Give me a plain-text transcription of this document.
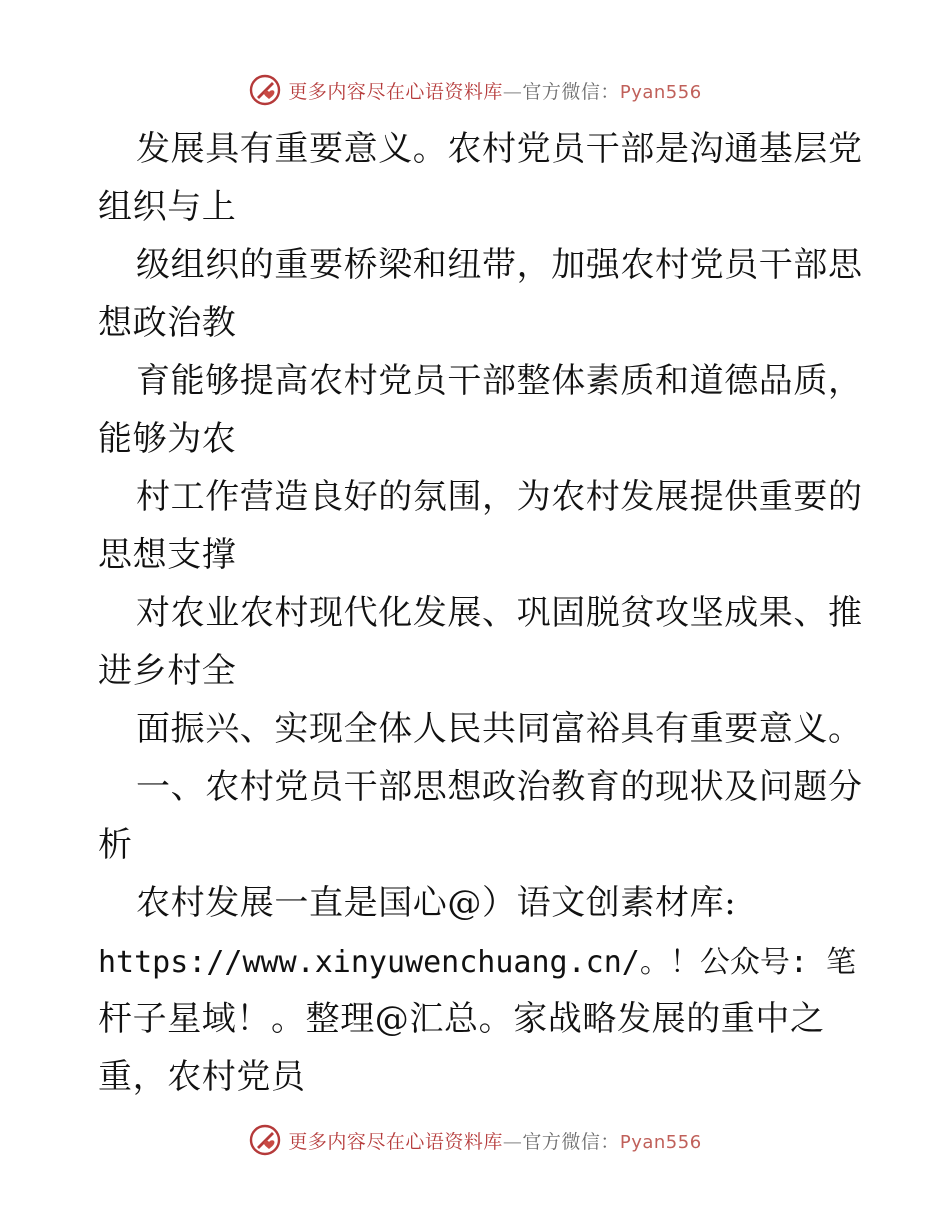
更多内容尽在心语资料库—官方微信：Pyan556
发展具有重要意义。农村党员干部是沟通基层党
组织与上
级组织的重要桥梁和纽带，加强农村党员干部思
想政治教
育能够提高农村党员干部整体素质和道德品质，
能够为农
村工作营造良好的氛围，为农村发展提供重要的
思想支撑
对农业农村现代化发展、巩固脱贫攻坚成果、推
进乡村全
面振兴、实现全体人民共同富裕具有重要意义。
一、农村党员干部思想政治教育的现状及问题分
析
农村发展一直是国心@）语文创素材库:
https://www.xinyuwenchuang.cn/。！公众号: 笔
杆子星域！。整理@汇总。家战略发展的重中之
重，农村党员
更多内容尽在心语资料库—官方微信：Pyan556
